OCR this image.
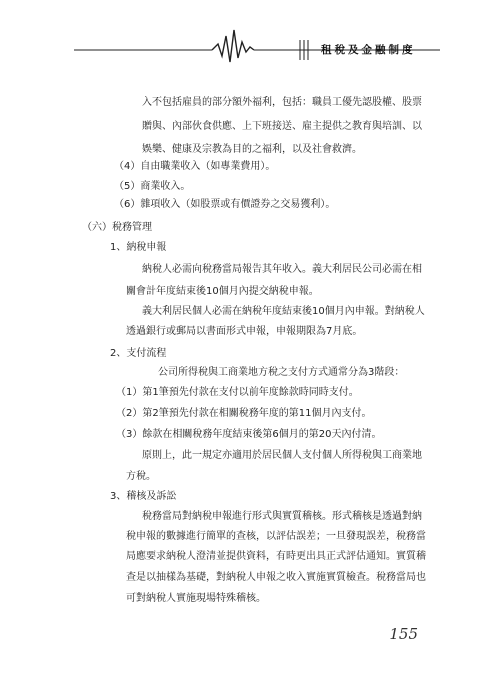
租稅及金融制度
入不包括雇員的部分額外福利，包括：職員工優先認股權、股票
贈與、內部伙食供應、上下班接送、雇主提供之教育與培訓、以
娛樂、健康及宗教為目的之福利，以及社會救濟。
（4）自由職業收入（如專業費用）。
（5）商業收入。
（6）雜項收入（如股票或有價證券之交易獲利）。
（六）稅務管理
1、納稅申報
納稅人必需向稅務當局報告其年收入。義大利居民公司必需在相
關會計年度結束後10個月內提交納稅申報。
義大利居民個人必需在納稅年度結束後10個月內申報。對納稅人
透過銀行或郵局以書面形式申報，申報期限為7月底。
2、支付流程
公司所得稅與工商業地方稅之支付方式通常分為3階段：
（1）第1筆預先付款在支付以前年度餘款時同時支付。
（2）第2筆預先付款在相關稅務年度的第11個月內支付。
（3）餘款在相關稅務年度結束後第6個月的第20天內付清。
原則上，此一規定亦適用於居民個人支付個人所得稅與工商業地
方稅。
3、稽核及訴訟
稅務當局對納稅申報進行形式與實質稽核。形式稽核是透過對納
稅申報的數據進行簡單的查核，以評估誤差；一旦發現誤差，稅務當
局應要求納稅人澄清並提供資料，有時更出具正式評估通知。實質稽
查是以抽樣為基礎，對納稅人申報之收入實施實質檢查。稅務當局也
可對納稅人實施現場特殊稽核。
155
